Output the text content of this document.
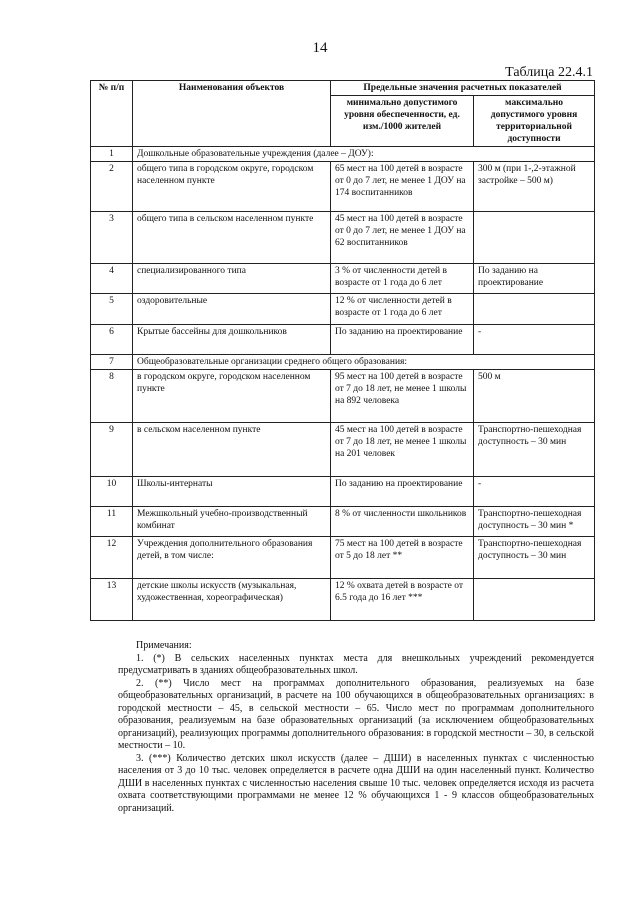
14
Таблица 22.4.1
№ п/п	Наименования объектов	Предельные значения расчетных показателей	
		минимально допустимого уровня обеспеченности, ед. изм./1000 жителей	максимально допустимого уровня территориальной доступности
1	Дошкольные образовательные учреждения (далее – ДОУ):		
2	общего типа в городском округе, городском населенном пункте	65 мест на 100 детей в возрасте от 0 до 7 лет, не менее 1 ДОУ на 174 воспитанников	300 м (при 1-,2-этажной застройке – 500 м)
3	общего типа в сельском населенном пункте	45 мест на 100 детей в возрасте от 0 до 7 лет, не менее 1 ДОУ на 62 воспитанников	
4	специализированного типа	3 % от численности детей в возрасте от 1 года до 6 лет	По заданию на проектирование
5	оздоровительные	12 % от численности детей в возрасте от 1 года до 6 лет	
6	Крытые бассейны для дошкольников	По заданию на проектирование	-
7	Общеобразовательные организации среднего общего образования:		
8	в городском округе, городском населенном пункте	95 мест на 100 детей в возрасте от 7 до 18 лет, не менее 1 школы на 892 человека	500 м
9	в сельском населенном пункте	45 мест на 100 детей в возрасте от 7 до 18 лет, не менее 1 школы на 201 человек	Транспортно-пешеходная доступность – 30 мин
10	Школы-интернаты	По заданию на проектирование	-
11	Межшкольный учебно-производственный комбинат	8 % от численности школьников	Транспортно-пешеходная доступность – 30 мин *
12	Учреждения дополнительного образования детей, в том числе:	75 мест на 100 детей в возрасте от 5 до 18 лет **	Транспортно-пешеходная доступность – 30 мин
13	детские школы искусств (музыкальная, художественная, хореографическая)	12 % охвата детей в возрасте от 6.5 года до 16 лет ***	

Примечания:

1. (*) В сельских населенных пунктах места для внешкольных учреждений рекомендуется предусматривать в зданиях общеобразовательных школ.

2. (**) Число мест на программах дополнительного образования, реализуемых на базе общеобразовательных организаций, в расчете на 100 обучающихся в общеобразовательных организациях: в городской местности – 45, в сельской местности – 65. Число мест по программам дополнительного образования, реализуемым на базе образовательных организаций (за исключением общеобразовательных организаций), реализующих программы дополнительного образования: в городской местности – 30, в сельской местности – 10.

3. (***) Количество детских школ искусств (далее – ДШИ) в населенных пунктах с численностью населения от 3 до 10 тыс. человек определяется в расчете одна ДШИ на один населенный пункт. Количество ДШИ в населенных пунктах с численностью населения свыше 10 тыс. человек определяется исходя из расчета охвата соответствующими программами не менее 12 % обучающихся 1 - 9 классов общеобразовательных организаций.
